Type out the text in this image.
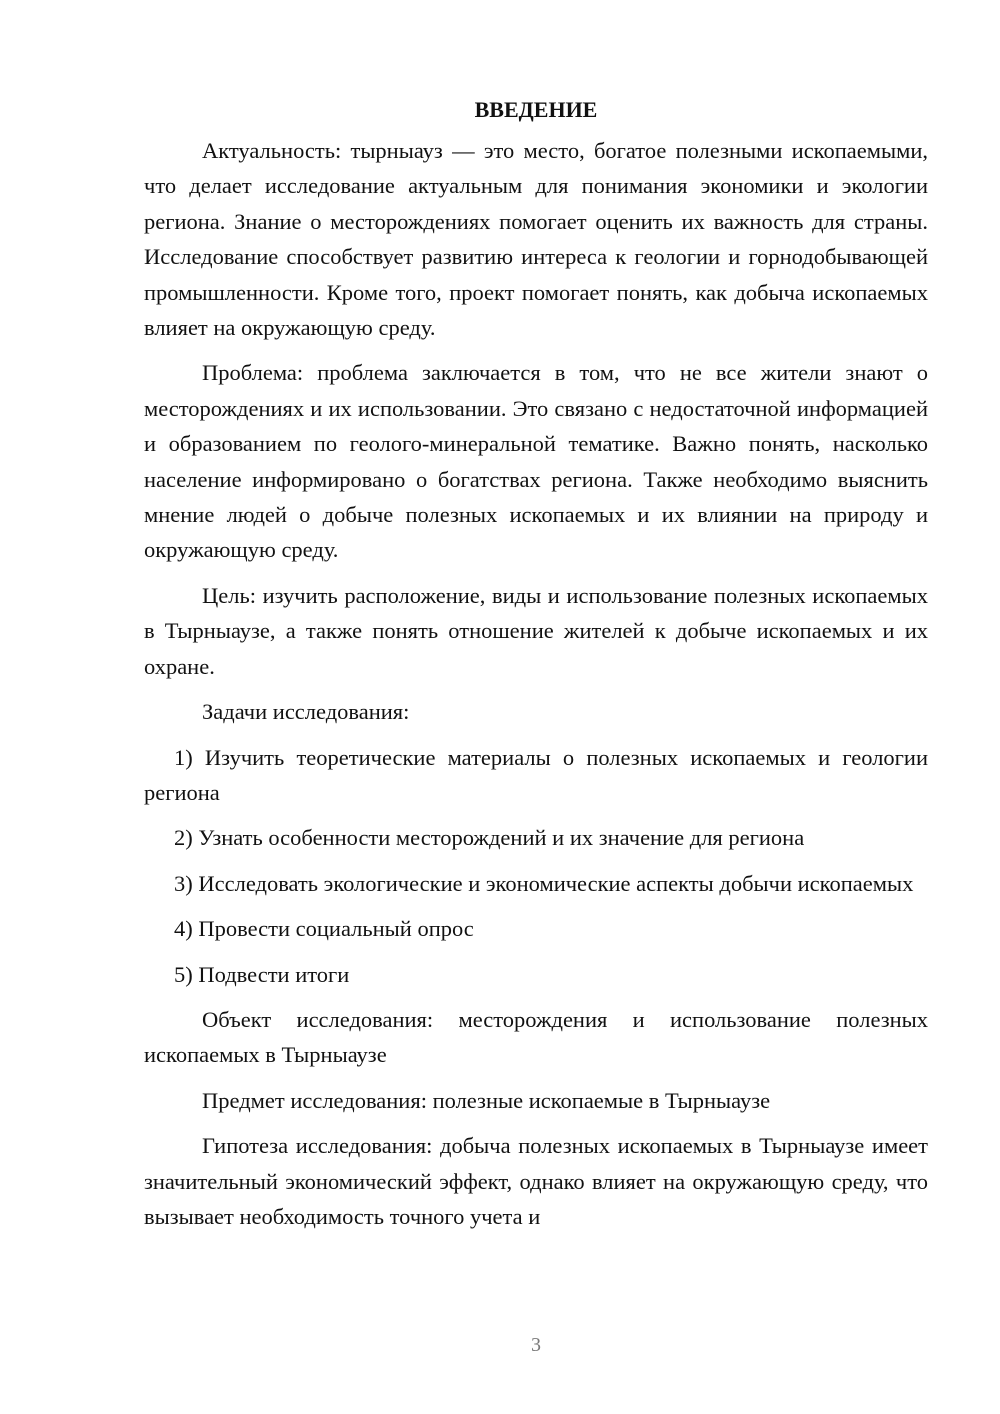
ВВЕДЕНИЕ

Актуальность: тырныауз — это место, богатое полезными ископаемыми, что делает исследование актуальным для понимания экономики и экологии региона. Знание о месторождениях помогает оценить их важность для страны. Исследование способствует развитию интереса к геологии и горнодобывающей промышленности. Кроме того, проект помогает понять, как добыча ископаемых влияет на окружающую среду.

Проблема: проблема заключается в том, что не все жители знают о месторождениях и их использовании. Это связано с недостаточной информацией и образованием по геолого-минеральной тематике. Важно понять, насколько население информировано о богатствах региона. Также необходимо выяснить мнение людей о добыче полезных ископаемых и их влиянии на природу и окружающую среду.

Цель: изучить расположение, виды и использование полезных ископаемых в Тырныаузе, а также понять отношение жителей к добыче ископаемых и их охране.

Задачи исследования:

1) Изучить теоретические материалы о полезных ископаемых и геологии региона

2) Узнать особенности месторождений и их значение для региона

3) Исследовать экологические и экономические аспекты добычи ископаемых

4) Провести социальный опрос

5) Подвести итоги

Объект исследования: месторождения и использование полезных ископаемых в Тырныаузе

Предмет исследования: полезные ископаемые в Тырныаузе

Гипотеза исследования: добыча полезных ископаемых в Тырныаузе имеет значительный экономический эффект, однако влияет на окружающую среду, что вызывает необходимость точного учета и

3
